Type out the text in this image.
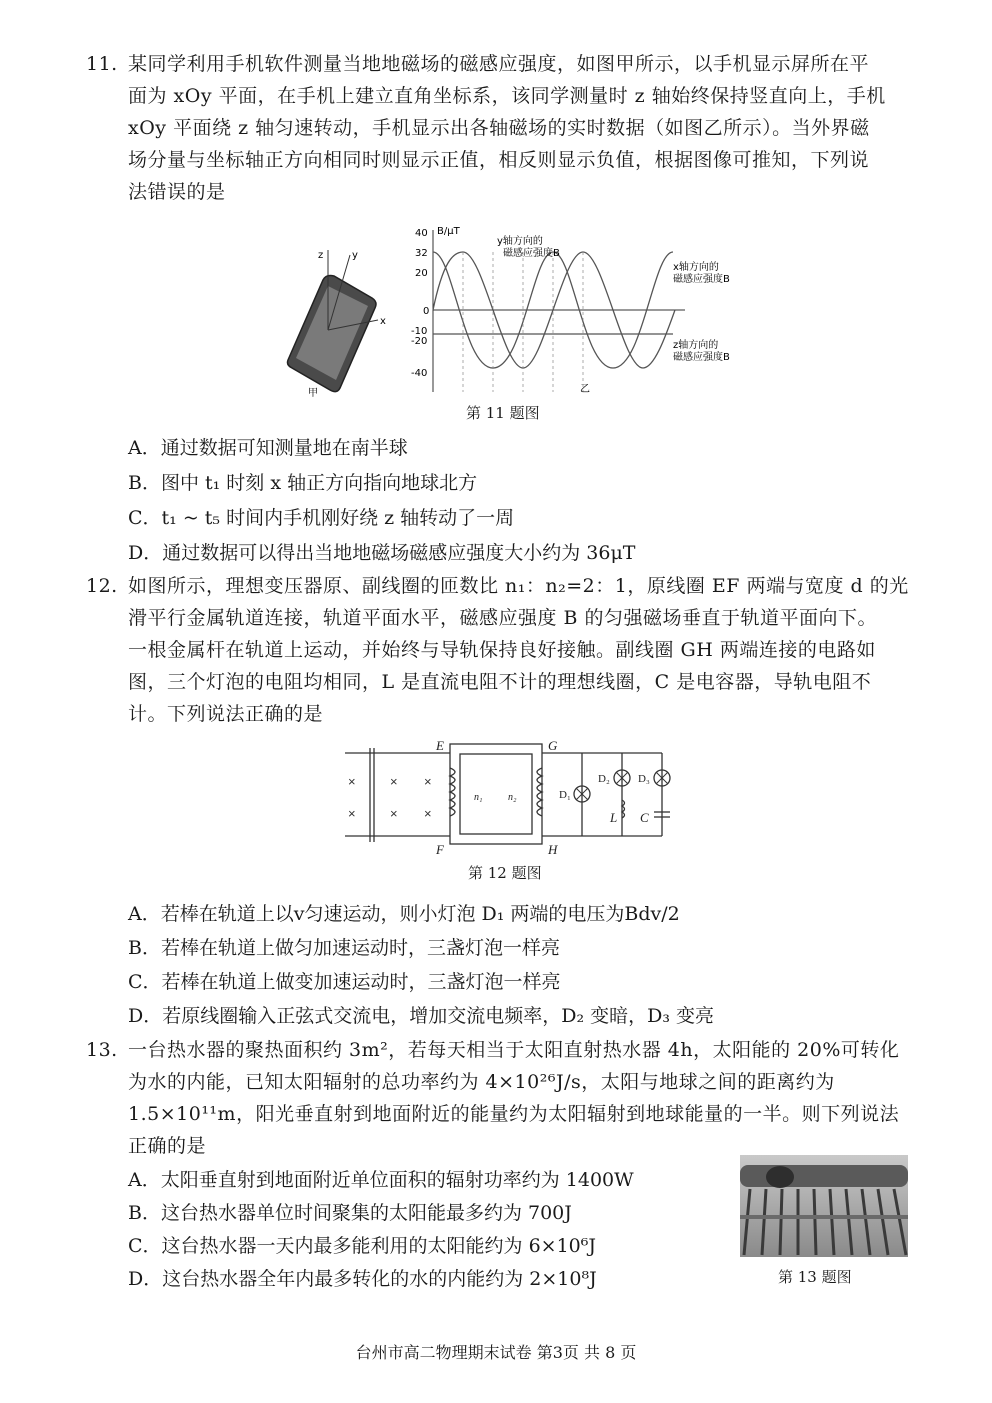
11. 某同学利用手机软件测量当地地磁场的磁感应强度，如图甲所示，以手机显示屏所在平
面为 xOy 平面，在手机上建立直角坐标系，该同学测量时 z 轴始终保持竖直向上，手机
xOy 平面绕 z 轴匀速转动，手机显示出各轴磁场的实时数据（如图乙所示）。当外界磁
场分量与坐标轴正方向相同时则显示正值，相反则显示负值，根据图像可推知，下列说
法错误的是
z	y
x
甲
B/μT
40
32
20
0
-10
-20
-40
y轴方向的
磁感应强度B
x轴方向的
磁感应强度B
z轴方向的
磁感应强度B
乙
第 11 题图
A．通过数据可知测量地在南半球
B．图中 t₁ 时刻 x 轴正方向指向地球北方
C．t₁ ~ t₅ 时间内手机刚好绕 z 轴转动了一周
D．通过数据可以得出当地地磁场磁感应强度大小约为 36μT
12. 如图所示，理想变压器原、副线圈的匝数比 n₁：n₂=2：1，原线圈 EF 两端与宽度 d 的光
滑平行金属轨道连接，轨道平面水平，磁感应强度 B 的匀强磁场垂直于轨道平面向下。
一根金属杆在轨道上运动，并始终与导轨保持良好接触。副线圈 GH 两端连接的电路如
图，三个灯泡的电阻均相同，L 是直流电阻不计的理想线圈，C 是电容器，导轨电阻不
计。下列说法正确的是
×
×
×
×
×
×
E
F
G
H
n₁	n₂
L C
D₁
D₂	D₃
第 12 题图
A．若棒在轨道上以v匀速运动，则小灯泡 D₁ 两端的电压为Bdv/2
B．若棒在轨道上做匀加速运动时，三盏灯泡一样亮
C．若棒在轨道上做变加速运动时，三盏灯泡一样亮
D．若原线圈输入正弦式交流电，增加交流电频率，D₂ 变暗，D₃ 变亮
13. 一台热水器的聚热面积约 3m²，若每天相当于太阳直射热水器 4h，太阳能的 20%可转化
为水的内能，已知太阳辐射的总功率约为 4×10²⁶J/s，太阳与地球之间的距离约为
1.5×10¹¹m，阳光垂直射到地面附近的能量约为太阳辐射到地球能量的一半。则下列说法
正确的是
A．太阳垂直射到地面附近单位面积的辐射功率约为 1400W
B．这台热水器单位时间聚集的太阳能最多约为 700J
C．这台热水器一天内最多能利用的太阳能约为 6×10⁶J
D．这台热水器全年内最多转化的水的内能约为 2×10⁸J	第 13 题图
台州市高二物理期末试卷 第3页 共 8 页
